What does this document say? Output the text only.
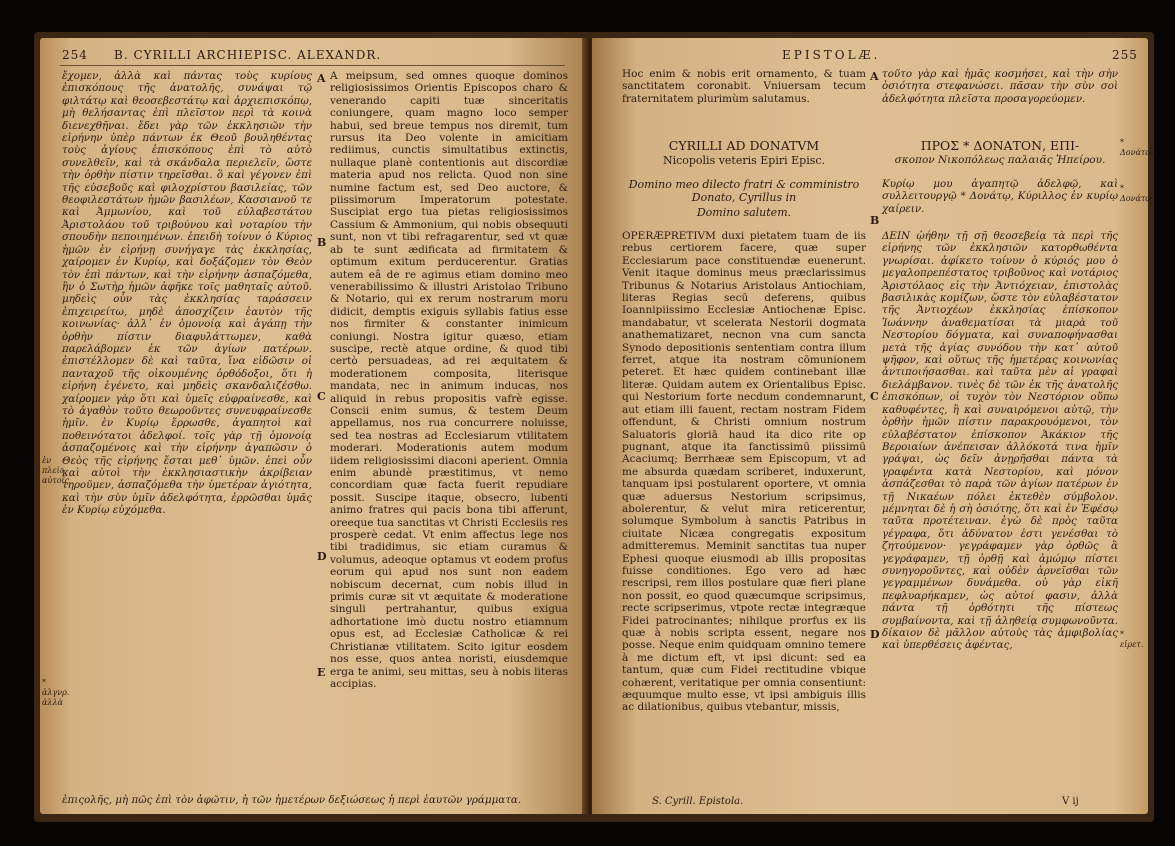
254 B. CYRILLI ARCHIEPISC. ALEXANDR.
ἔχομεν, ἀλλὰ καὶ πάντας τοὺς κυρίους ἐπισκόπους τῆς ἀνατολῆς, συνάψαι τῷ φιλτάτῳ καὶ θεοσεβεστάτῳ καὶ ἀρχιεπισκόπῳ, μὴ θελήσαντας ἐπὶ πλεῖστον περὶ τὰ κοινὰ διενεχθῆναι. ἔδει γὰρ τῶν ἐκκλησιῶν τὴν εἰρήνην ὑπὲρ πάντων ἐκ Θεοῦ βουληθέντας τοὺς ἁγίους ἐπισκόπους ἐπὶ τὸ αὐτὸ συνελθεῖν, καὶ τὰ σκάνδαλα περιελεῖν, ὥστε τὴν ὀρθὴν πίστιν τηρεῖσθαι. ὃ καὶ γέγονεν ἐπὶ τῆς εὐσεβοῦς καὶ φιλοχρίστου βασιλείας, τῶν θεοφιλεστάτων ἡμῶν βασιλέων, Κασσιανοῦ τε καὶ Ἀμμωνίου, καὶ τοῦ εὐλαβεστάτου Ἀριστολάου τοῦ τριβούνου καὶ νοταρίου τὴν σπουδὴν πεποιημένων. ἐπειδὴ τοίνυν ὁ Κύριος ἡμῶν ἐν εἰρήνῃ συνήγαγε τὰς ἐκκλησίας, χαίρομεν ἐν Κυρίῳ, καὶ δοξάζομεν τὸν Θεὸν τὸν ἐπὶ πάντων, καὶ τὴν εἰρήνην ἀσπαζόμεθα, ἣν ὁ Σωτὴρ ἡμῶν ἀφῆκε τοῖς μαθηταῖς αὐτοῦ. μηδεὶς οὖν τὰς ἐκκλησίας ταράσσειν ἐπιχειρείτω, μηδὲ ἀποσχίζειν ἑαυτὸν τῆς κοινωνίας· ἀλλ᾽ ἐν ὁμονοίᾳ καὶ ἀγάπῃ τὴν ὀρθὴν πίστιν διαφυλάττωμεν, καθὰ παρελάβομεν ἐκ τῶν ἁγίων πατέρων. ἐπιστέλλομεν δὲ καὶ ταῦτα, ἵνα εἰδῶσιν οἱ πανταχοῦ τῆς οἰκουμένης ὀρθόδοξοι, ὅτι ἡ εἰρήνη ἐγένετο, καὶ μηδεὶς σκανδαλιζέσθω. χαίρομεν γὰρ ὅτι καὶ ὑμεῖς εὐφραίνεσθε, καὶ τὸ ἀγαθὸν τοῦτο θεωροῦντες συνευφραίνεσθε ἡμῖν. ἐν Κυρίῳ ἔρρωσθε, ἀγαπητοὶ καὶ ποθεινότατοι ἀδελφοί. τοῖς γὰρ τῇ ὁμονοίᾳ ἀσπαζομένοις καὶ τὴν εἰρήνην ἀγαπῶσιν ὁ Θεὸς τῆς εἰρήνης ἔσται μεθ᾽ ὑμῶν. ἐπεὶ οὖν καὶ αὐτοὶ τὴν ἐκκλησιαστικὴν ἀκρίβειαν τηροῦμεν, ἀσπαζόμεθα τὴν ὑμετέραν ἁγιότητα, καὶ τὴν σὺν ὑμῖν ἀδελφότητα, ἐρρῶσθαι ὑμᾶς ἐν Κυρίῳ εὐχόμεθα.
A
B
C
D
E
A meipsum, sed omnes quoque dominos religiosissimos Orientis Episcopos charo & venerando capiti tuæ sinceritatis coniungere, quam magno loco semper habui, sed breue tempus nos diremit, tum rursus ita Deo volente in amicitiam rediimus, cunctis simultatibus extinctis, nullaque planè contentionis aut discordiæ materia apud nos relicta. Quod non sine numine factum est, sed Deo auctore, & piissimorum Imperatorum potestate. Suscipiat ergo tua pietas religiosissimos Cassium & Ammonium, qui nobis obsequuti sunt, non vt tibi refragarentur, sed vt quæ ab te sunt ædificata ad firmitatem & optimum exitum perducerentur. Gratias autem eâ de re agimus etiam domino meo venerabilissimo & illustri Aristolao Tribuno & Notario, qui ex rerum nostrarum moru didicit, demptis exiguis syllabis fatius esse nos firmiter & constanter inimicum coniungi. Nostra igitur quæso, etiam suscipe, rectè atque ordine, & quod tibi certò persuadeas, ad rei æquitatem & moderationem composita, literisque mandata, nec in animum inducas, nos aliquid in rebus propositis vafrè egisse. Conscii enim sumus, & testem Deum appellamus, nos rua concurrere noluisse, sed tea nostras ad Ecclesiarum vtilitatem moderari. Moderationis autem modum iidem religiosissimi diaconi aperient. Omnia enim abundè præstitimus, vt nemo concordiam quæ facta fuerit repudiare possit. Suscipe itaque, obsecro, lubenti animo fratres qui pacis bona tibi afferunt, oreeque tua sanctitas vt Christi Ecclesiis res prosperè cedat. Vt enim affectus lege nos tibi tradidimus, sic etiam curamus & volumus, adeoque optamus vt eodem profus eorum qui apud nos sunt non eadem nobiscum decernat, cum nobis illud in primis curæ sit vt æquitate & moderatione singuli pertrahantur, quibus exigua adhortatione imò ductu nostro etiamnum opus est, ad Ecclesiæ Catholicæ & rei Christianæ vtilitatem. Scito igitur eosdem nos esse, quos antea noristi, eiusdemque erga te animi, seu mittas, seu à nobis literas accipias.
ἐν πλεὶ∂ αὐτοῖς
* ἀλγνρ. ἀλλὰ
ἐπιςολῆς, μὴ πῶς ἐπὶ τὸν ἀφῶτιν, ἡ τῶν ἡμετέρων δεξιώσεως ἡ περὶ ἑαυτῶν γράμματα.
EPISTOLÆ.	255
Hoc enim & nobis erit ornamento, & tuam sanctitatem coronabit. Vniuersam tecum fraternitatem plurimùm salutamus.
τοῦτο γὰρ καὶ ἡμᾶς κοσμήσει, καὶ τὴν σὴν ὁσιότητα στεφανώσει. πᾶσαν τὴν σὺν σοὶ ἀδελφότητα πλεῖστα προσαγορεύομεν.
CYRILLI AD DONATVM
Nicopolis veteris Epiri Episc.
ΠΡΟΣ * ΔΟΝΑΤΟΝ, ΕΠΙ-
σκοπον Νικοπόλεως παλαιᾶς Ἠπείρου.
Domino meo dilecto fratri & comministro Donato, Cyrillus in
Domino salutem.
Κυρίῳ μου ἀγαπητῷ ἀδελφῷ, καὶ συλλειτουργῷ * Δονάτῳ, Κύριλλος ἐν κυρίῳ χαίρειν.
OPERÆPRETIVM duxi pietatem tuam de iis rebus certiorem facere, quæ super Ecclesiarum pace constituendæ euenerunt. Venit itaque dominus meus præclarissimus Tribunus & Notarius Aristolaus Antiochiam, literas Regias secū deferens, quibus Ioannipiissimo Ecclesiæ Antiochenæ Episc. mandabatur, vt scelerata Nestorii dogmata anathematizaret, necnon vna cum sancta Synodo depositionis sententiam contra illum ferret, atque ita nostram cōmunionem peteret. Et hæc quidem continebant illæ literæ. Quidam autem ex Orientalibus Episc. qui Nestorium forte necdum condemnarunt, aut etiam illi fauent, rectam nostram Fidem offendunt, & Christi omnium nostrum Saluatoris gloriā haud ita dico rite op pugnant, atque ita fanctissimū piissimū Acaciumq; Berrhææ sem Episcopum, vt ad me absurda quædam scriberet, induxerunt, tanquam ipsi postularent oportere, vt omnia quæ aduersus Nestorium scripsimus, abolerentur, & velut mira reticerentur, solumque Symbolum à sanctis Patribus in ciuitate Nicæa congregatis expositum admitteremus. Meminit sanctitas tua nuper Ephesi quoque eiusmodi ab illis propositas fuisse conditiones. Ego vero ad hæc rescripsi, rem illos postulare quæ fieri plane non possit, eo quod quæcumque scripsimus, recte scripserimus, vtpote rectæ integræque Fidei patrocinantes; nihilque prorfus ex iis quæ à nobis scripta essent, negare nos posse. Neque enim quidquam omnino temere à me dictum eft, vt ipsi dicunt: sed ea tantum, quæ cum Fidei rectitudine vbique cohærent, veritatique per omnia consentiunt: æquumque multo esse, vt ipsi ambiguis illis ac dilationibus, quibus vtebantur, missis,
A
B
C
D
ΔΕΙΝ ᾠήθην τῇ σῇ θεοσεβείᾳ τὰ περὶ τῆς εἰρήνης τῶν ἐκκλησιῶν κατορθωθέντα γνωρίσαι. ἀφίκετο τοίνυν ὁ κύριός μου ὁ μεγαλοπρεπέστατος τριβοῦνος καὶ νοτάριος Ἀριστόλαος εἰς τὴν Ἀντιόχειαν, ἐπιστολὰς βασιλικὰς κομίζων, ὥστε τὸν εὐλαβέστατον τῆς Ἀντιοχέων ἐκκλησίας ἐπίσκοπον Ἰωάννην ἀναθεματίσαι τὰ μιαρὰ τοῦ Νεστορίου δόγματα, καὶ συναποφήνασθαι μετὰ τῆς ἁγίας συνόδου τὴν κατ᾽ αὐτοῦ ψῆφον, καὶ οὕτως τῆς ἡμετέρας κοινωνίας ἀντιποιήσασθαι. καὶ ταῦτα μὲν αἱ γραφαὶ διελάμβανον. τινὲς δὲ τῶν ἐκ τῆς ἀνατολῆς ἐπισκόπων, οἱ τυχὸν τὸν Νεστόριον οὔπω καθυφέντες, ἢ καὶ συναιρόμενοι αὐτῷ, τὴν ὀρθὴν ἡμῶν πίστιν παρακρουόμενοι, τὸν εὐλαβέστατον ἐπίσκοπον Ἀκάκιον τῆς Βεροιαίων ἀνέπεισαν ἀλλόκοτά τινα ἡμῖν γράψαι, ὡς δεῖν ἀνῃρῆσθαι πάντα τὰ γραφέντα κατὰ Νεστορίου, καὶ μόνον ἀσπάζεσθαι τὸ παρὰ τῶν ἁγίων πατέρων ἐν τῇ Νικαέων πόλει ἐκτεθὲν σύμβολον. μέμνηται δὲ ἡ σὴ ὁσιότης, ὅτι καὶ ἐν Ἐφέσῳ ταῦτα προτέτειναν. ἐγὼ δὲ πρὸς ταῦτα γέγραφα, ὅτι ἀδύνατον ἐστι γενέσθαι τὸ ζητούμενον· γεγράφαμεν γὰρ ὀρθῶς ἃ γεγράφαμεν, τῇ ὀρθῇ καὶ ἀμώμῳ πίστει συνηγοροῦντες, καὶ οὐδὲν ἀρνεῖσθαι τῶν γεγραμμένων δυνάμεθα. οὐ γὰρ εἰκῆ πεφλυαρήκαμεν, ὡς αὐτοί φασιν, ἀλλὰ πάντα τῇ ὀρθότητι τῆς πίστεως συμβαίνοντα, καὶ τῇ ἀληθείᾳ συμφωνοῦντα. δίκαιον δὲ μᾶλλον αὐτοὺς τὰς ἀμφιβολίας καὶ ὑπερθέσεις ἀφέντας,
* Δονάτον.
* Δονάτῳ.
* εἰρετ.
S. Cyrill. Epistola.	V ij
